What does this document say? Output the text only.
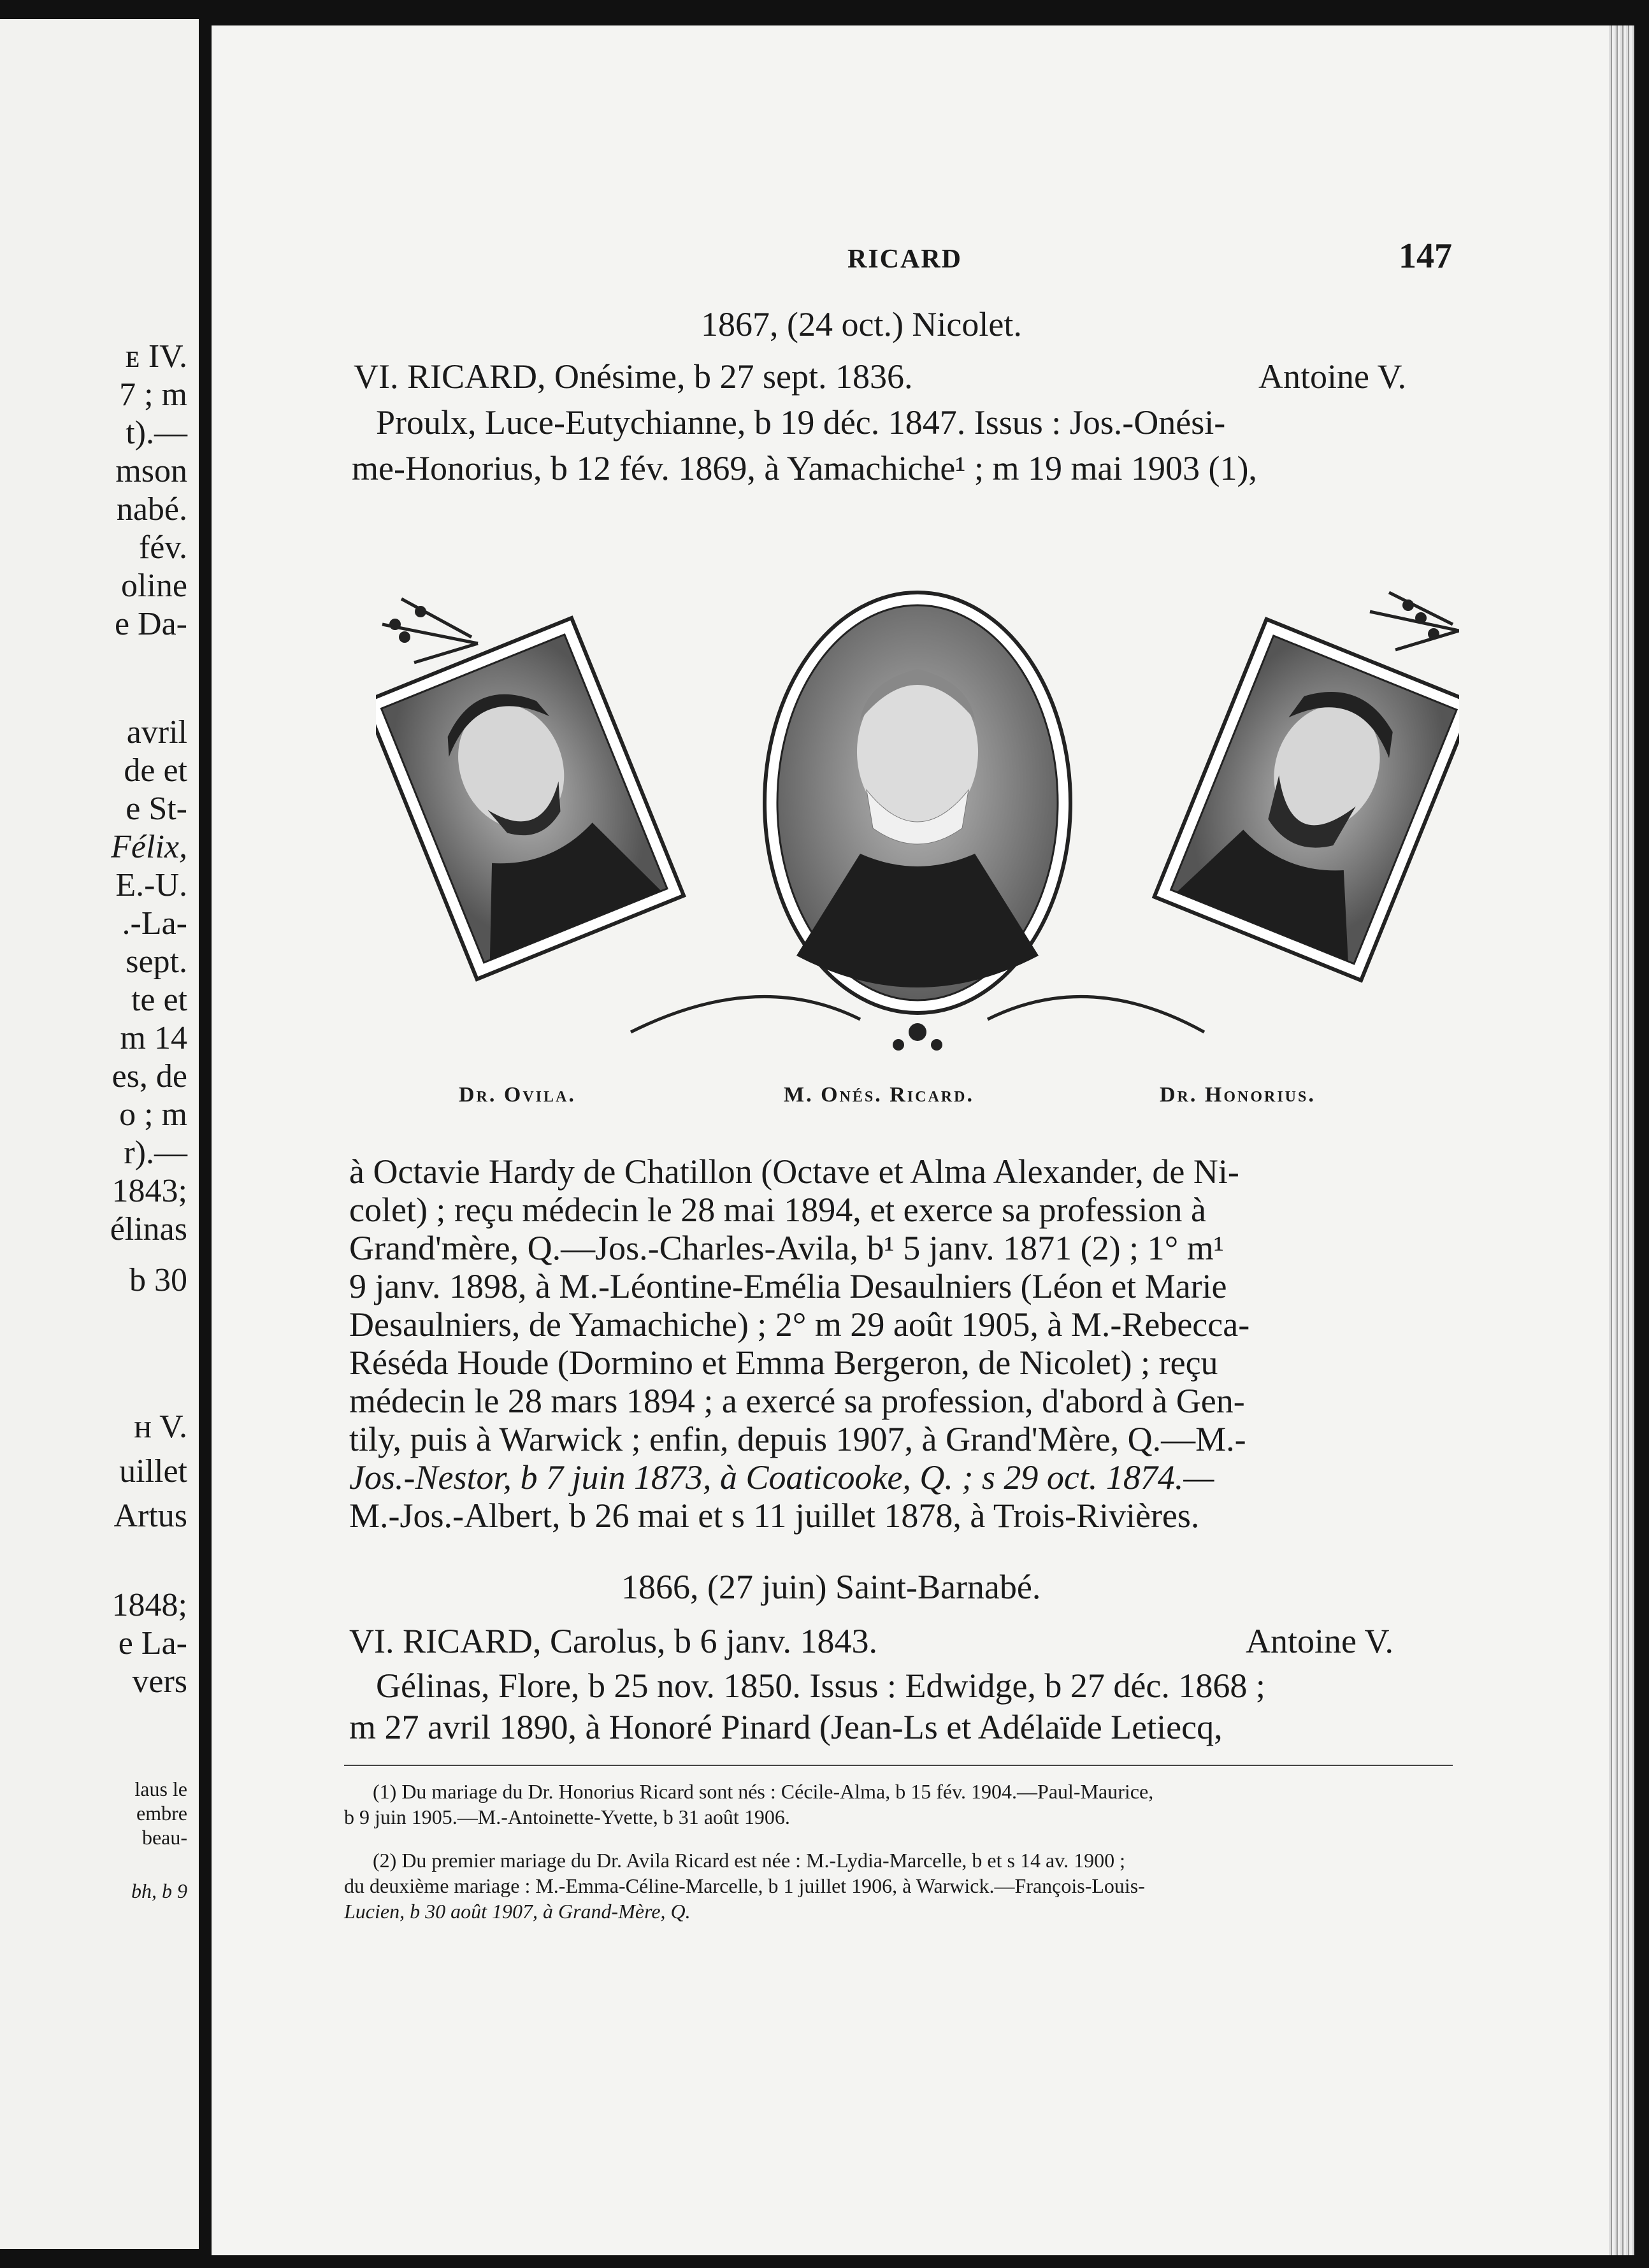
ᴇ IV.
7 ; m
t).—
mson
nabé.
fév.
oline
e Da-
avril
de et
e St-
Félix,
E.-U.
.-La-
sept.
te et
m 14
es, de
o ; m
r).—
1843;
élinas
b 30
ʜ V.
uillet
Artus
1848;
e La-
vers
laus le
embre
beau-
bh, b 9
RICARD	147
1867, (24 oct.) Nicolet.
VI. RICARD, Onésime, b 27 sept. 1836.	Antoine V.
Proulx, Luce-Eutychianne, b 19 déc. 1847. Issus : Jos.-Onési-
me-Honorius, b 12 fév. 1869, à Yamachiche¹ ; m 19 mai 1903 (1),
Dr. Ovila.	M. Onés. Ricard.	Dr. Honorius.
à Octavie Hardy de Chatillon (Octave et Alma Alexander, de Ni-
colet) ; reçu médecin le 28 mai 1894, et exerce sa profession à
Grand'mère, Q.—Jos.-Charles-Avila, b¹ 5 janv. 1871 (2) ; 1° m¹
9 janv. 1898, à M.-Léontine-Emélia Desaulniers (Léon et Marie
Desaulniers, de Yamachiche) ; 2° m 29 août 1905, à M.-Rebecca-
Réséda Houde (Dormino et Emma Bergeron, de Nicolet) ; reçu
médecin le 28 mars 1894 ; a exercé sa profession, d'abord à Gen-
tily, puis à Warwick ; enfin, depuis 1907, à Grand'Mère, Q.—M.-
Jos.-Nestor, b 7 juin 1873, à Coaticooke, Q. ; s 29 oct. 1874.—
M.-Jos.-Albert, b 26 mai et s 11 juillet 1878, à Trois-Rivières.
1866, (27 juin) Saint-Barnabé.
VI. RICARD, Carolus, b 6 janv. 1843.	Antoine V.
Gélinas, Flore, b 25 nov. 1850. Issus : Edwidge, b 27 déc. 1868 ;
m 27 avril 1890, à Honoré Pinard (Jean-Ls et Adélaïde Letiecq,
(1) Du mariage du Dr. Honorius Ricard sont nés : Cécile-Alma, b 15 fév. 1904.—Paul-Maurice,
b 9 juin 1905.—M.-Antoinette-Yvette, b 31 août 1906.
(2) Du premier mariage du Dr. Avila Ricard est née : M.-Lydia-Marcelle, b et s 14 av. 1900 ;
du deuxième mariage : M.-Emma-Céline-Marcelle, b 1 juillet 1906, à Warwick.—François-Louis-
Lucien, b 30 août 1907, à Grand-Mère, Q.
